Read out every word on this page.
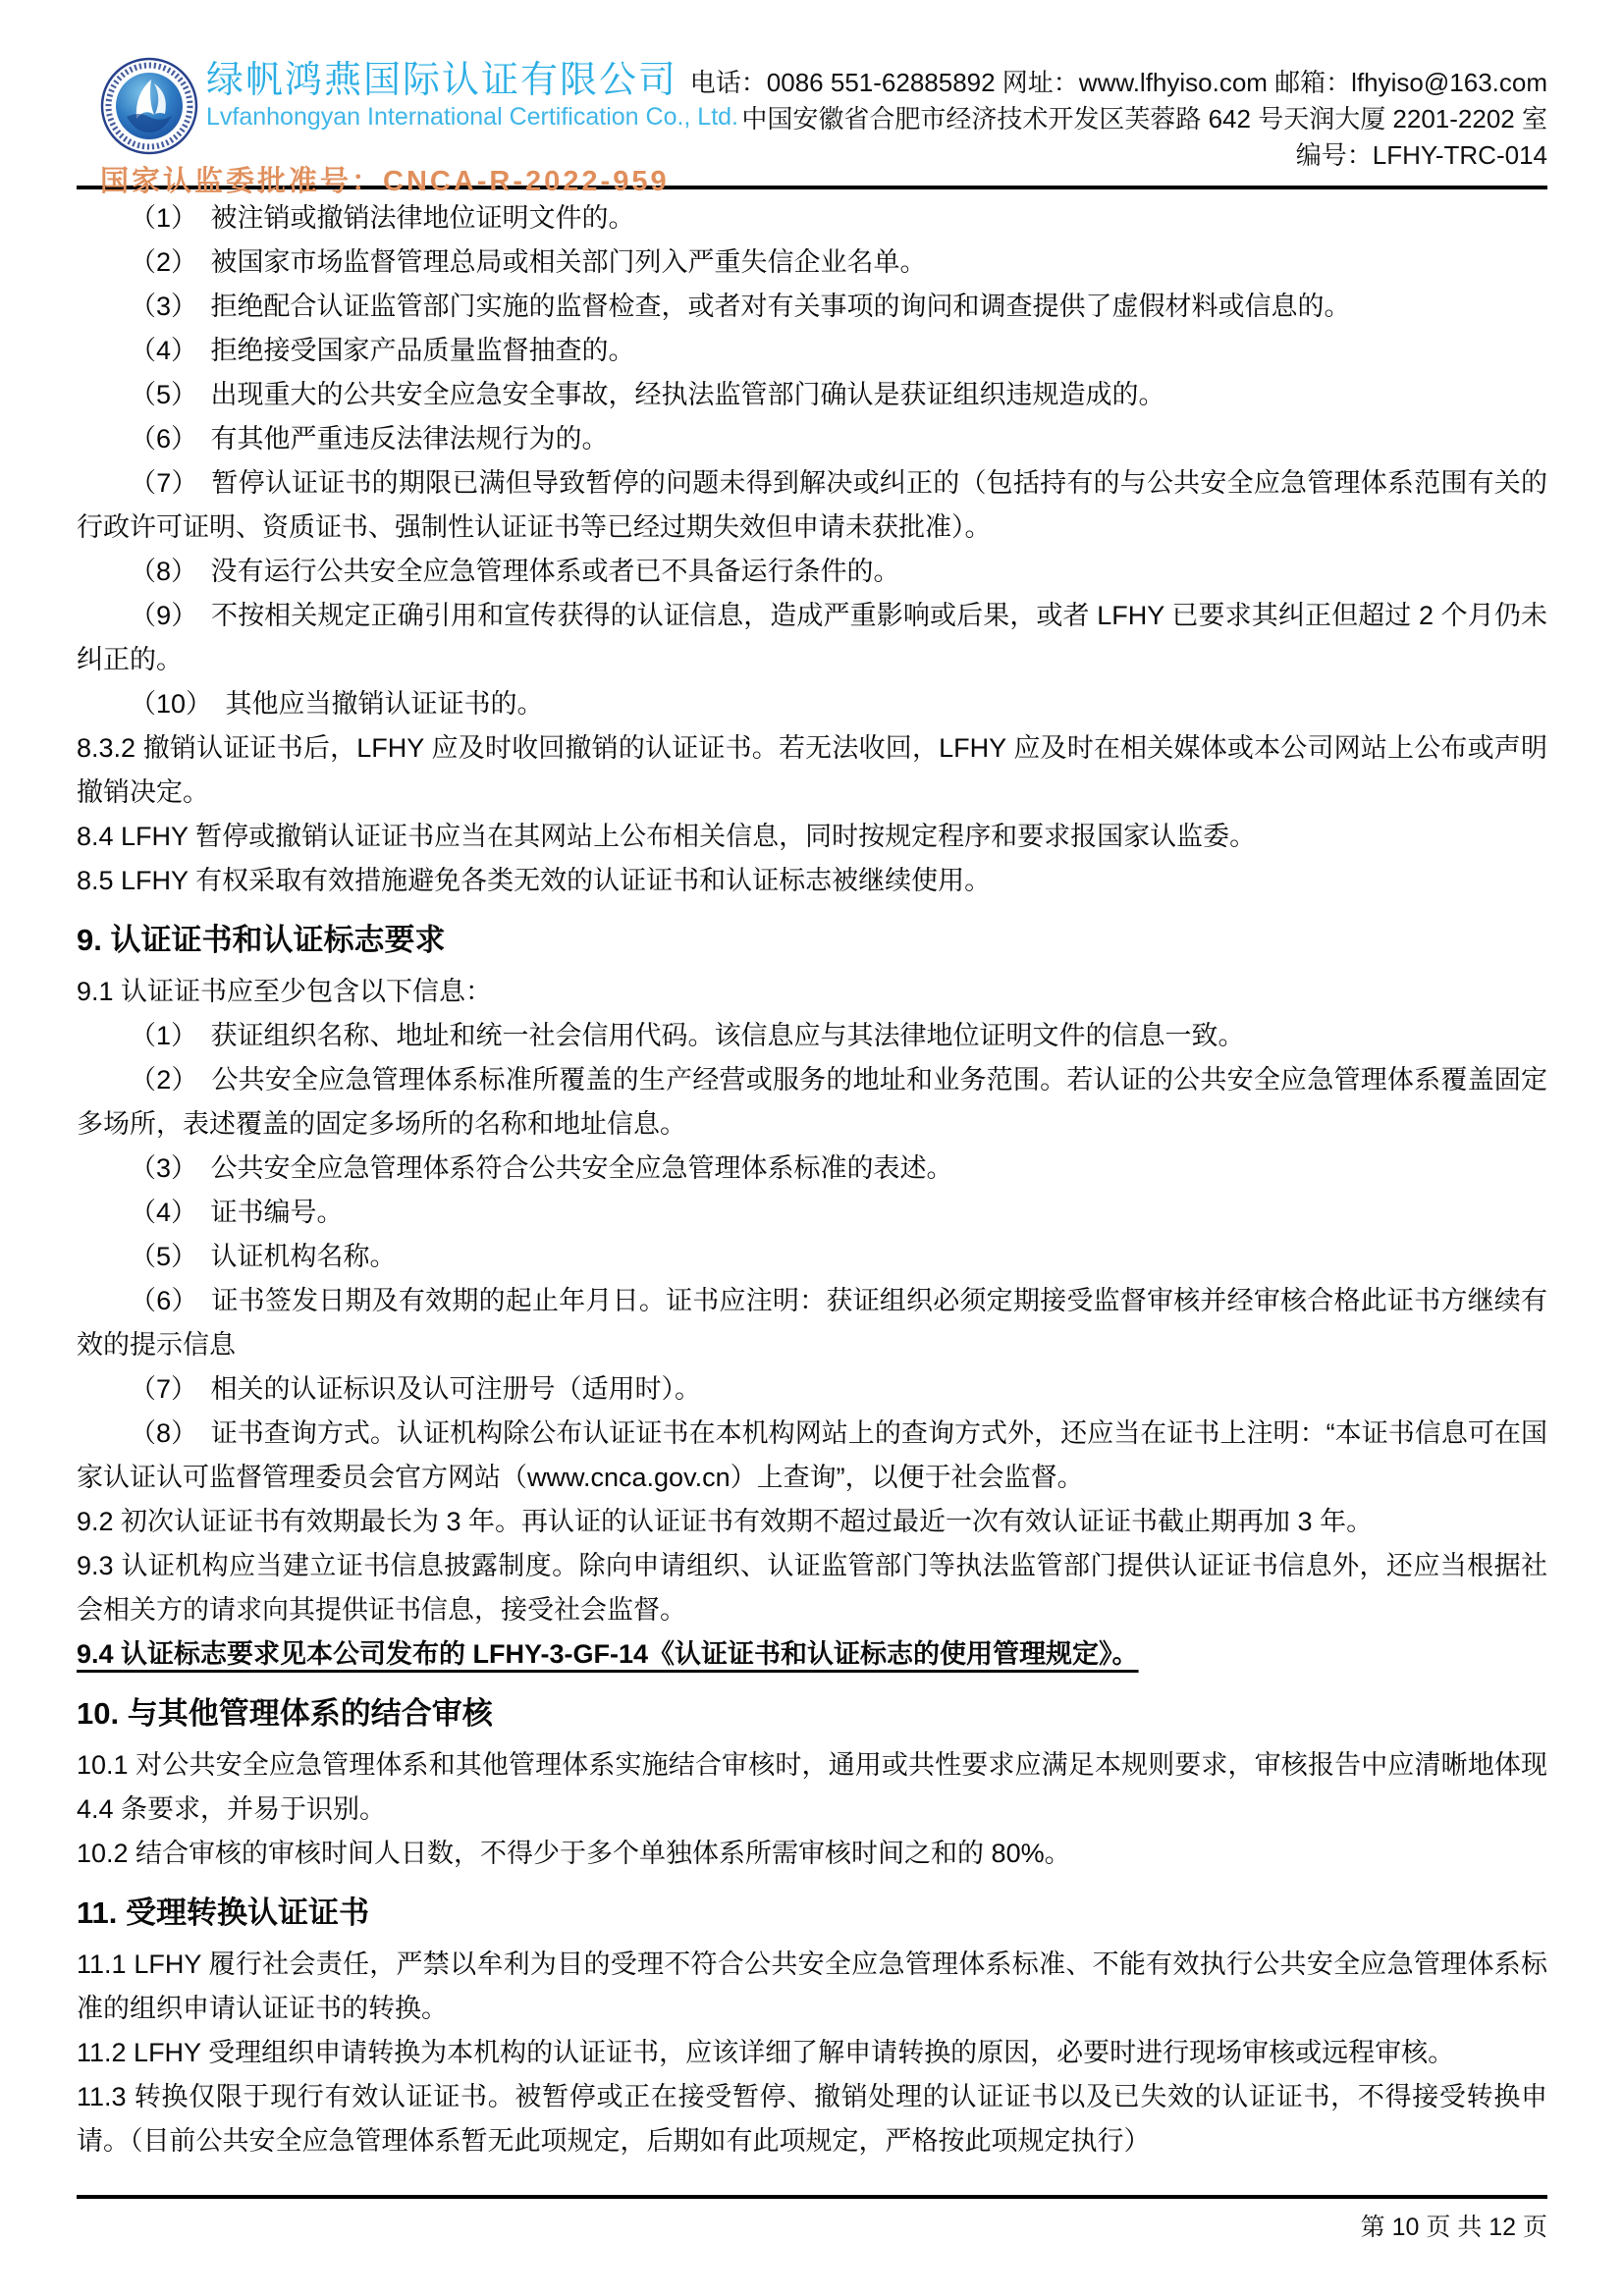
绿帆鸿燕国际认证有限公司
Lvfanhongyan International Certification Co., Ltd.
国家认监委批准号：CNCA-R-2022-959
电话：0086 551-62885892 网址：www.lfhyiso.com 邮箱：lfhyiso@163.com
中国安徽省合肥市经济技术开发区芙蓉路 642 号天润大厦 2201-2202 室
编号：LFHY-TRC-014

（1）　被注销或撤销法律地位证明文件的。

（2）　被国家市场监督管理总局或相关部门列入严重失信企业名单。

（3）　拒绝配合认证监管部门实施的监督检查，或者对有关事项的询问和调查提供了虚假材料或信息的。

（4）　拒绝接受国家产品质量监督抽查的。

（5）　出现重大的公共安全应急安全事故，经执法监管部门确认是获证组织违规造成的。

（6）　有其他严重违反法律法规行为的。

（7）　暂停认证证书的期限已满但导致暂停的问题未得到解决或纠正的（包括持有的与公共安全应急管理体系范围有关的行政许可证明、资质证书、强制性认证证书等已经过期失效但申请未获批准）。

（8）　没有运行公共安全应急管理体系或者已不具备运行条件的。

（9）　不按相关规定正确引用和宣传获得的认证信息，造成严重影响或后果，或者 LFHY 已要求其纠正但超过 2 个月仍未纠正的。

（10）　其他应当撤销认证证书的。

8.3.2 撤销认证证书后，LFHY 应及时收回撤销的认证证书。若无法收回，LFHY 应及时在相关媒体或本公司网站上公布或声明撤销决定。

8.4 LFHY 暂停或撤销认证证书应当在其网站上公布相关信息，同时按规定程序和要求报国家认监委。

8.5 LFHY 有权采取有效措施避免各类无效的认证证书和认证标志被继续使用。

9. 认证证书和认证标志要求

9.1 认证证书应至少包含以下信息：

（1）　获证组织名称、地址和统一社会信用代码。该信息应与其法律地位证明文件的信息一致。

（2）　公共安全应急管理体系标准所覆盖的生产经营或服务的地址和业务范围。若认证的公共安全应急管理体系覆盖固定多场所，表述覆盖的固定多场所的名称和地址信息。

（3）　公共安全应急管理体系符合公共安全应急管理体系标准的表述。

（4）　证书编号。

（5）　认证机构名称。

（6）　证书签发日期及有效期的起止年月日。证书应注明：获证组织必须定期接受监督审核并经审核合格此证书方继续有效的提示信息

（7）　相关的认证标识及认可注册号（适用时）。

（8）　证书查询方式。认证机构除公布认证证书在本机构网站上的查询方式外，还应当在证书上注明：“本证书信息可在国家认证认可监督管理委员会官方网站（www.cnca.gov.cn）上查询”，以便于社会监督。

9.2 初次认证证书有效期最长为 3 年。再认证的认证证书有效期不超过最近一次有效认证证书截止期再加 3 年。

9.3 认证机构应当建立证书信息披露制度。除向申请组织、认证监管部门等执法监管部门提供认证证书信息外，还应当根据社会相关方的请求向其提供证书信息，接受社会监督。

9.4 认证标志要求见本公司发布的 LFHY-3-GF-14《认证证书和认证标志的使用管理规定》。

10. 与其他管理体系的结合审核

10.1 对公共安全应急管理体系和其他管理体系实施结合审核时，通用或共性要求应满足本规则要求，审核报告中应清晰地体现 4.4 条要求，并易于识别。

10.2 结合审核的审核时间人日数，不得少于多个单独体系所需审核时间之和的 80%。

11. 受理转换认证证书

11.1 LFHY 履行社会责任，严禁以牟利为目的受理不符合公共安全应急管理体系标准、不能有效执行公共安全应急管理体系标准的组织申请认证证书的转换。

11.2 LFHY 受理组织申请转换为本机构的认证证书，应该详细了解申请转换的原因，必要时进行现场审核或远程审核。

11.3 转换仅限于现行有效认证证书。被暂停或正在接受暂停、撤销处理的认证证书以及已失效的认证证书，不得接受转换申请。（目前公共安全应急管理体系暂无此项规定，后期如有此项规定，严格按此项规定执行）

第 10 页 共 12 页
